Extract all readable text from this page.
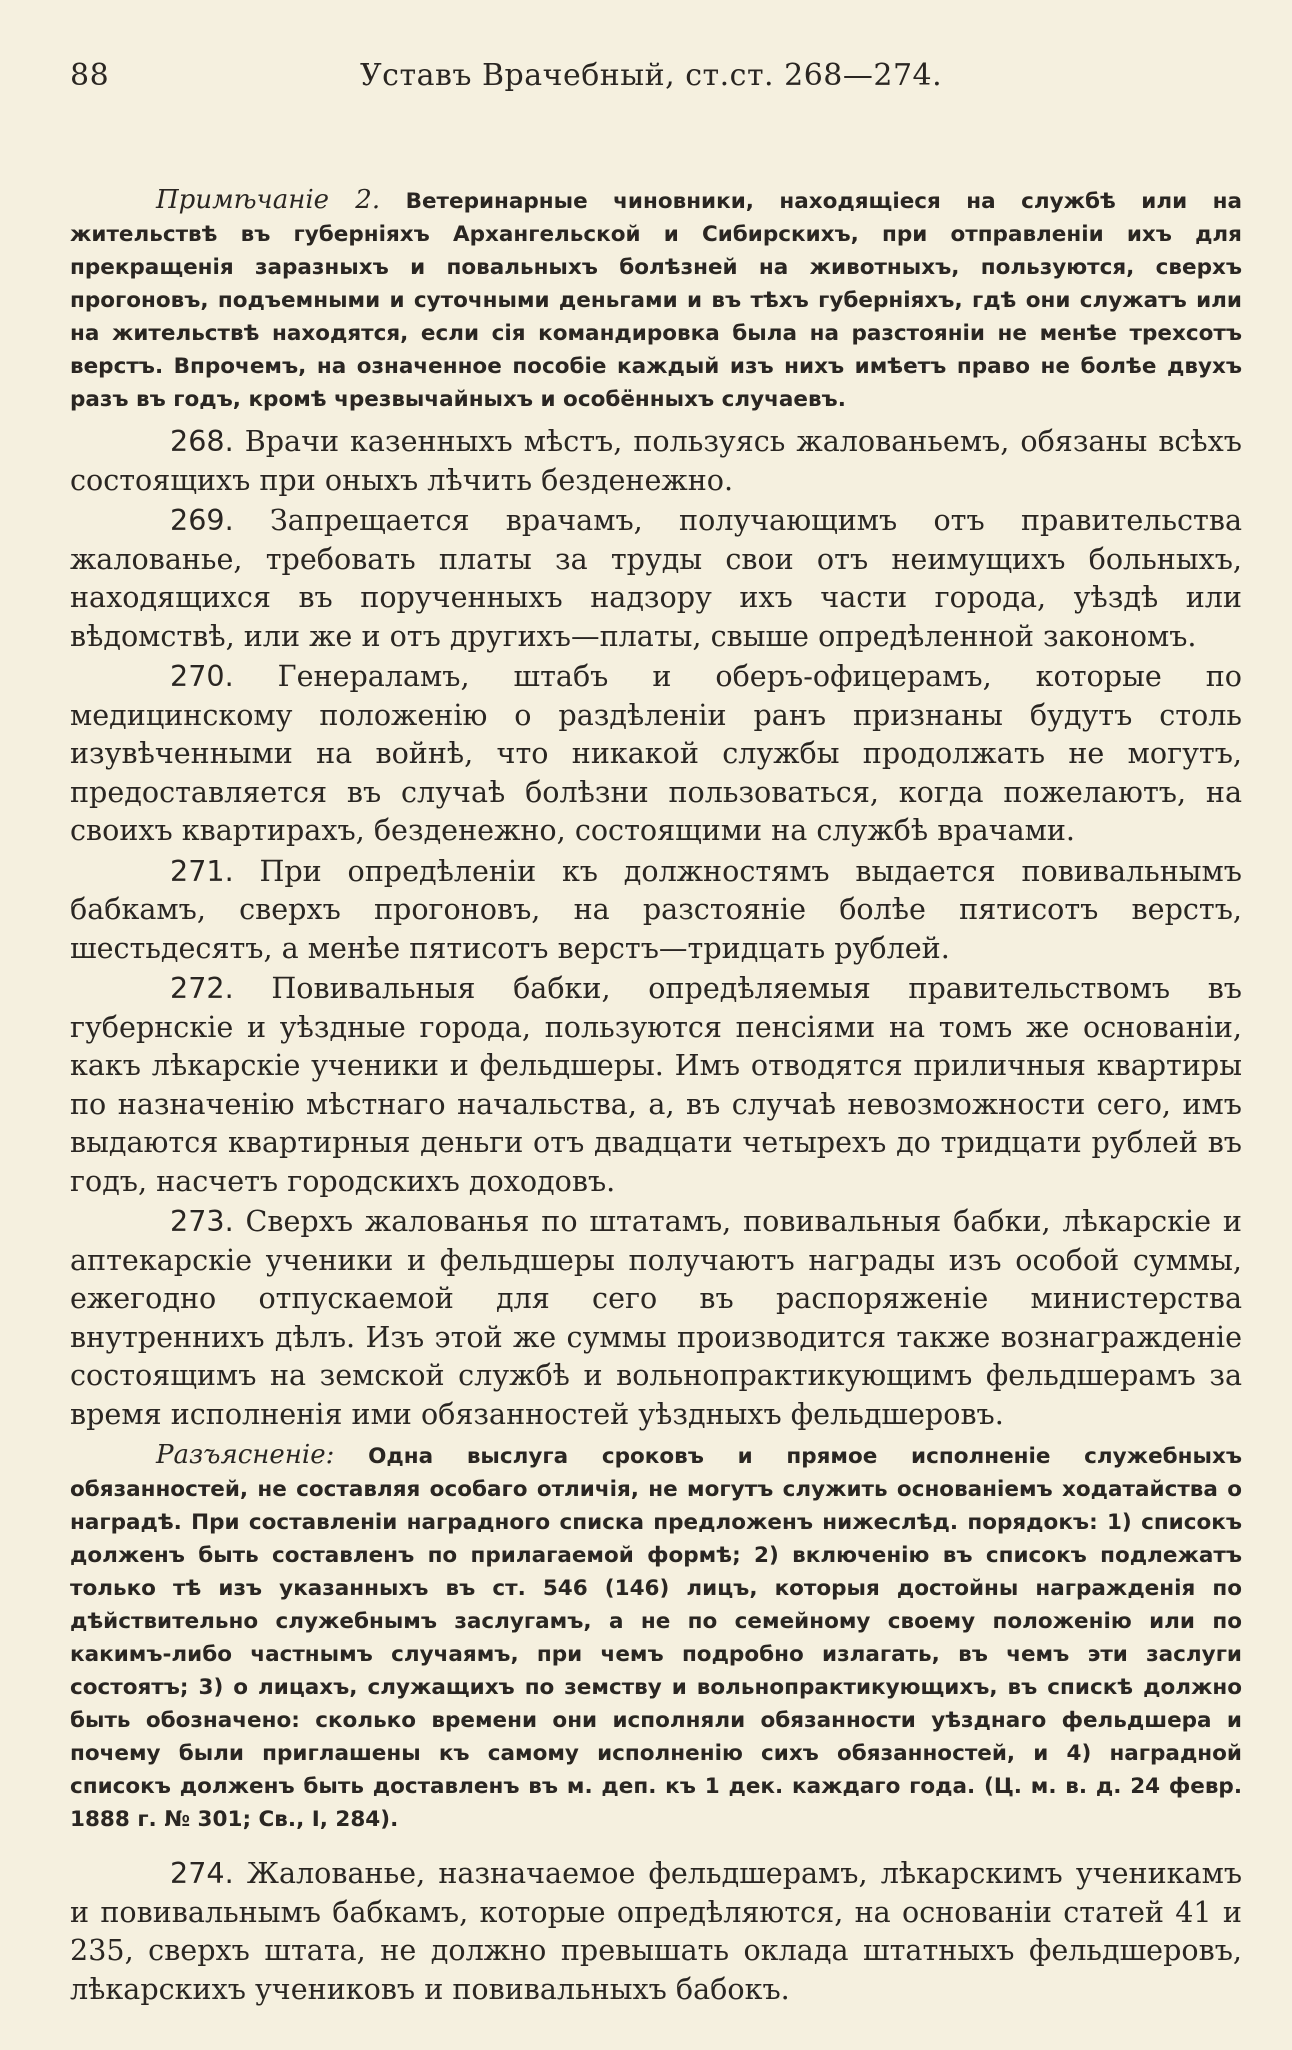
88	Уставъ Врачебный, ст.ст. 268—274.

Примѣчаніе 2. Ветеринарные чиновники, находящіеся на службѣ или на жительствѣ въ губерніяхъ Архангельской и Сибирскихъ, при отправленіи ихъ для прекращенія заразныхъ и повальныхъ болѣзней на животныхъ, пользуются, сверхъ прогоновъ, подъемными и суточными деньгами и въ тѣхъ губерніяхъ, гдѣ они служатъ или на жительствѣ находятся, если сія командировка была на разстояніи не менѣе трехсотъ верстъ. Впрочемъ, на означенное пособіе каждый изъ нихъ имѣетъ право не болѣе двухъ разъ въ годъ, кромѣ чрезвычайныхъ и особённыхъ случаевъ.

268. Врачи казенныхъ мѣстъ, пользуясь жалованьемъ, обязаны всѣхъ состоящихъ при оныхъ лѣчить безденежно.

269. Запрещается врачамъ, получающимъ отъ правительства жалованье, требовать платы за труды свои отъ неимущихъ больныхъ, находящихся въ порученныхъ надзору ихъ части города, уѣздѣ или вѣдомствѣ, или же и отъ другихъ—платы, свыше опредѣленной закономъ.

270. Генераламъ, штабъ и оберъ-офицерамъ, которые по медицинскому положенію о раздѣленіи ранъ признаны будутъ столь изувѣченными на войнѣ, что никакой службы продолжать не могутъ, предоставляется въ случаѣ болѣзни пользоваться, когда пожелаютъ, на своихъ квартирахъ, безденежно, состоящими на службѣ врачами.

271. При опредѣленіи къ должностямъ выдается повивальнымъ бабкамъ, сверхъ прогоновъ, на разстояніе болѣе пятисотъ верстъ, шестьдесятъ, а менѣе пятисотъ верстъ—тридцать рублей.

272. Повивальныя бабки, опредѣляемыя правительствомъ въ губернскіе и уѣздные города, пользуются пенсіями на томъ же основаніи, какъ лѣкарскіе ученики и фельдшеры. Имъ отводятся приличныя квартиры по назначенію мѣстнаго начальства, а, въ случаѣ невозможности сего, имъ выдаются квартирныя деньги отъ двадцати четырехъ до тридцати рублей въ годъ, насчетъ городскихъ доходовъ.

273. Сверхъ жалованья по штатамъ, повивальныя бабки, лѣкарскіе и аптекарскіе ученики и фельдшеры получаютъ награды изъ особой суммы, ежегодно отпускаемой для сего въ распоряженіе министерства внутреннихъ дѣлъ. Изъ этой же суммы производится также вознагражденіе состоящимъ на земской службѣ и вольнопрактикующимъ фельдшерамъ за время исполненія ими обязанностей уѣздныхъ фельдшеровъ.

Разъясненіе: Одна выслуга сроковъ и прямое исполненіе служебныхъ обязанностей, не составляя особаго отличія, не могутъ служить основаніемъ ходатайства о наградѣ. При составленіи наградного списка предложенъ нижеслѣд. порядокъ: 1) списокъ долженъ быть составленъ по прилагаемой формѣ; 2) включенію въ списокъ подлежатъ только тѣ изъ указанныхъ въ ст. 546 (146) лицъ, которыя достойны награжденія по дѣйствительно служебнымъ заслугамъ, а не по семейному своему положенію или по какимъ-либо частнымъ случаямъ, при чемъ подробно излагать, въ чемъ эти заслуги состоятъ; 3) о лицахъ, служащихъ по земству и вольнопрактикующихъ, въ спискѣ должно быть обозначено: сколько времени они исполняли обязанности уѣзднаго фельдшера и почему были приглашены къ самому исполненію сихъ обязанностей, и 4) наградной списокъ долженъ быть доставленъ въ м. деп. къ 1 дек. каждаго года. (Ц. м. в. д. 24 февр. 1888 г. № 301; Св., I, 284).

274. Жалованье, назначаемое фельдшерамъ, лѣкарскимъ ученикамъ и повивальнымъ бабкамъ, которые опредѣляются, на основаніи статей 41 и 235, сверхъ штата, не должно превышать оклада штатныхъ фельдшеровъ, лѣкарскихъ учениковъ и повивальныхъ бабокъ.
